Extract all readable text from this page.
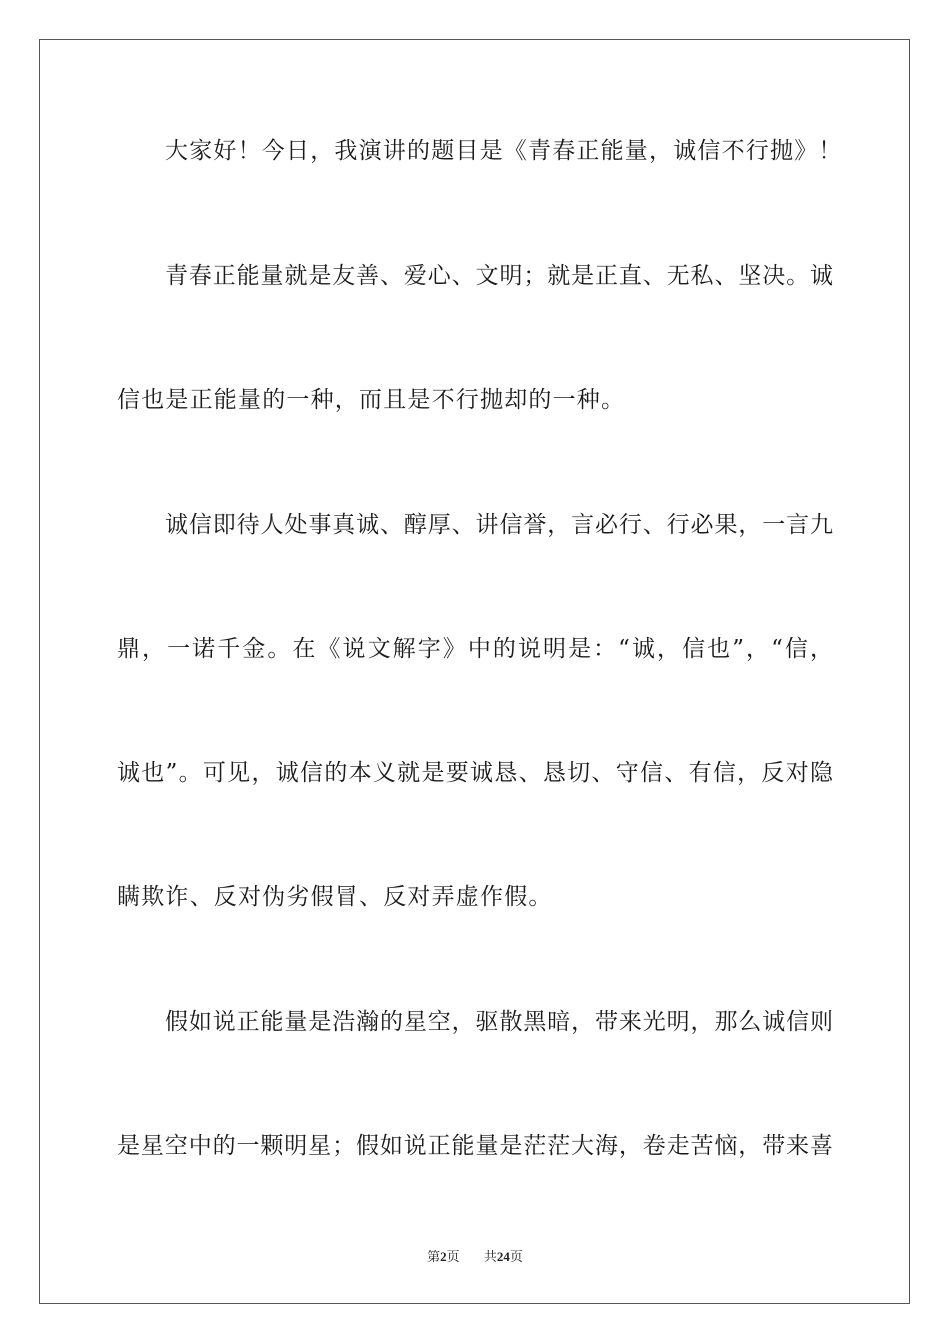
大家好！今日，我演讲的题目是《青春正能量，诚信不行抛》！
青春正能量就是友善、爱心、文明；就是正直、无私、坚决。诚
信也是正能量的一种，而且是不行抛却的一种。
诚信即待人处事真诚、醇厚、讲信誉，言必行、行必果，一言九
鼎，一诺千金。在《说文解字》中的说明是：“诚，信也”，“信，
诚也”。可见，诚信的本义就是要诚恳、恳切、守信、有信，反对隐
瞒欺诈、反对伪劣假冒、反对弄虚作假。
假如说正能量是浩瀚的星空，驱散黑暗，带来光明，那么诚信则
是星空中的一颗明星；假如说正能量是茫茫大海，卷走苦恼，带来喜
第2页 共24页
